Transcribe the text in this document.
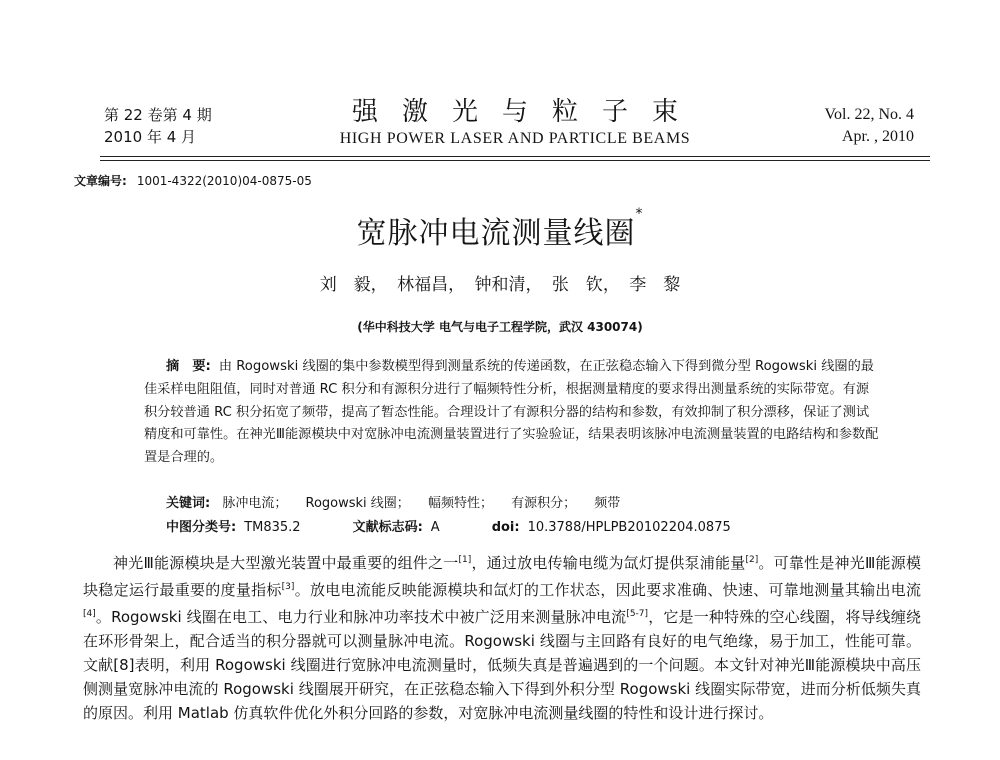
第 22 卷第 4 期
2010 年 4 月
强激光与粒子束
HIGH POWER LASER AND PARTICLE BEAMS
Vol. 22, No. 4
Apr. , 2010
文章编号: 1001-4322(2010)04-0875-05
宽脉冲电流测量线圈*
刘　毅， 林福昌， 钟和清， 张　钦， 李　黎
(华中科技大学 电气与电子工程学院，武汉 430074)
摘　要: 由 Rogowski 线圈的集中参数模型得到测量系统的传递函数，在正弦稳态输入下得到微分型 Rogowski 线圈的最佳采样电阻阻值，同时对普通 RC 积分和有源积分进行了幅频特性分析，根据测量精度的要求得出测量系统的实际带宽。有源积分较普通 RC 积分拓宽了频带，提高了暂态性能。合理设计了有源积分器的结构和参数，有效抑制了积分漂移，保证了测试精度和可靠性。在神光Ⅲ能源模块中对宽脉冲电流测量装置进行了实验验证，结果表明该脉冲电流测量装置的电路结构和参数配置是合理的。
关键词: 脉冲电流； Rogowski 线圈； 幅频特性； 有源积分； 频带
中图分类号: TM835.2	文献标志码: A	doi: 10.3788/HPLPB20102204.0875
神光Ⅲ能源模块是大型激光装置中最重要的组件之一[1]，通过放电传输电缆为氙灯提供泵浦能量[2]。可靠性是神光Ⅲ能源模块稳定运行最重要的度量指标[3]。放电电流能反映能源模块和氙灯的工作状态，因此要求准确、快速、可靠地测量其输出电流[4]。Rogowski 线圈在电工、电力行业和脉冲功率技术中被广泛用来测量脉冲电流[5-7]，它是一种特殊的空心线圈，将导线缠绕在环形骨架上，配合适当的积分器就可以测量脉冲电流。Rogowski 线圈与主回路有良好的电气绝缘，易于加工，性能可靠。文献[8]表明，利用 Rogowski 线圈进行宽脉冲电流测量时，低频失真是普遍遇到的一个问题。本文针对神光Ⅲ能源模块中高压侧测量宽脉冲电流的 Rogowski 线圈展开研究，在正弦稳态输入下得到外积分型 Rogowski 线圈实际带宽，进而分析低频失真的原因。利用 Matlab 仿真软件优化外积分回路的参数，对宽脉冲电流测量线圈的特性和设计进行探讨。
